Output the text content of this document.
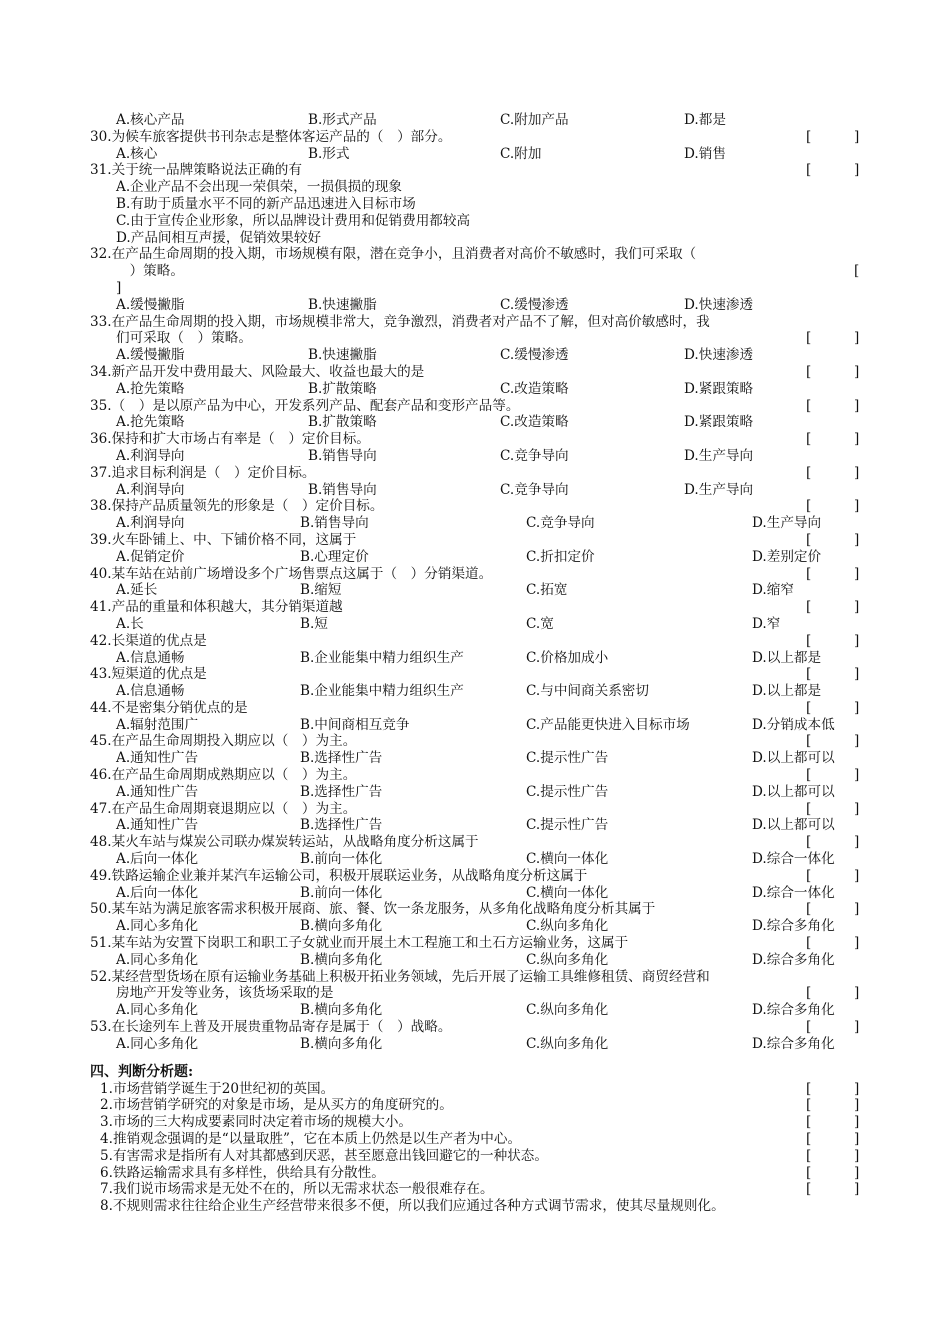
A.核心产品	B.形式产品	C.附加产品	D.都是
30.为候车旅客提供书刊杂志是整体客运产品的（　）部分。	[	]
A.核心	B.形式	C.附加	D.销售
31.关于统一品牌策略说法正确的有	[	]
A.企业产品不会出现一荣俱荣，一损俱损的现象
B.有助于质量水平不同的新产品迅速进入目标市场
C.由于宣传企业形象，所以品牌设计费用和促销费用都较高
D.产品间相互声援，促销效果较好
32.在产品生命周期的投入期，市场规模有限，潜在竞争小，且消费者对高价不敏感时，我们可采取（
　）策略。	[
]
A.缓慢撇脂	B.快速撇脂	C.缓慢渗透	D.快速渗透
33.在产品生命周期的投入期，市场规模非常大，竞争激烈，消费者对产品不了解，但对高价敏感时，我
们可采取（　）策略。	[	]
A.缓慢撇脂	B.快速撇脂	C.缓慢渗透	D.快速渗透
34.新产品开发中费用最大、风险最大、收益也最大的是	[	]
A.抢先策略	B.扩散策略	C.改造策略	D.紧跟策略
35.（　）是以原产品为中心，开发系列产品、配套产品和变形产品等。	[	]
A.抢先策略	B.扩散策略	C.改造策略	D.紧跟策略
36.保持和扩大市场占有率是（　）定价目标。	[	]
A.利润导向	B.销售导向	C.竞争导向	D.生产导向
37.追求目标利润是（　）定价目标。	[	]
A.利润导向	B.销售导向	C.竞争导向	D.生产导向
38.保持产品质量领先的形象是（　）定价目标。	[	]
A.利润导向	B.销售导向	C.竞争导向	D.生产导向
39.火车卧铺上、中、下铺价格不同，这属于	[	]
A.促销定价	B.心理定价	C.折扣定价	D.差别定价
40.某车站在站前广场增设多个广场售票点这属于（　）分销渠道。	[	]
A.延长	B.缩短	C.拓宽	D.缩窄
41.产品的重量和体积越大，其分销渠道越	[	]
A.长	B.短	C.宽	D.窄
42.长渠道的优点是	[	]
A.信息通畅	B.企业能集中精力组织生产	C.价格加成小	D.以上都是
43.短渠道的优点是	[	]
A.信息通畅	B.企业能集中精力组织生产	C.与中间商关系密切	D.以上都是
44.不是密集分销优点的是	[	]
A.辐射范围广	B.中间商相互竞争	C.产品能更快进入目标市场	D.分销成本低
45.在产品生命周期投入期应以（　）为主。	[	]
A.通知性广告	B.选择性广告	C.提示性广告	D.以上都可以
46.在产品生命周期成熟期应以（　）为主。	[	]
A.通知性广告	B.选择性广告	C.提示性广告	D.以上都可以
47.在产品生命周期衰退期应以（　）为主。	[	]
A.通知性广告	B.选择性广告	C.提示性广告	D.以上都可以
48.某火车站与煤炭公司联办煤炭转运站，从战略角度分析这属于	[	]
A.后向一体化	B.前向一体化	C.横向一体化	D.综合一体化
49.铁路运输企业兼并某汽车运输公司，积极开展联运业务，从战略角度分析这属于	[	]
A.后向一体化	B.前向一体化	C.横向一体化	D.综合一体化
50.某车站为满足旅客需求积极开展商、旅、餐、饮一条龙服务，从多角化战略角度分析其属于	[	]
A.同心多角化	B.横向多角化	C.纵向多角化	D.综合多角化
51.某车站为安置下岗职工和职工子女就业而开展土木工程施工和土石方运输业务，这属于	[	]
A.同心多角化	B.横向多角化	C.纵向多角化	D.综合多角化
52.某经营型货场在原有运输业务基础上积极开拓业务领域，先后开展了运输工具维修租赁、商贸经营和
房地产开发等业务，该货场采取的是	[	]
A.同心多角化	B.横向多角化	C.纵向多角化	D.综合多角化
53.在长途列车上普及开展贵重物品寄存是属于（　）战略。	[	]
A.同心多角化	B.横向多角化	C.纵向多角化	D.综合多角化
四、判断分析题:
1.市场营销学诞生于20世纪初的英国。	[	]
2.市场营销学研究的对象是市场，是从买方的角度研究的。	[	]
3.市场的三大构成要素同时决定着市场的规模大小。	[	]
4.推销观念强调的是“以量取胜”，它在本质上仍然是以生产者为中心。	[	]
5.有害需求是指所有人对其都感到厌恶，甚至愿意出钱回避它的一种状态。	[	]
6.铁路运输需求具有多样性，供给具有分散性。	[	]
7.我们说市场需求是无处不在的，所以无需求状态一般很难存在。	[	]
8.不规则需求往往给企业生产经营带来很多不便，所以我们应通过各种方式调节需求，使其尽量规则化。
